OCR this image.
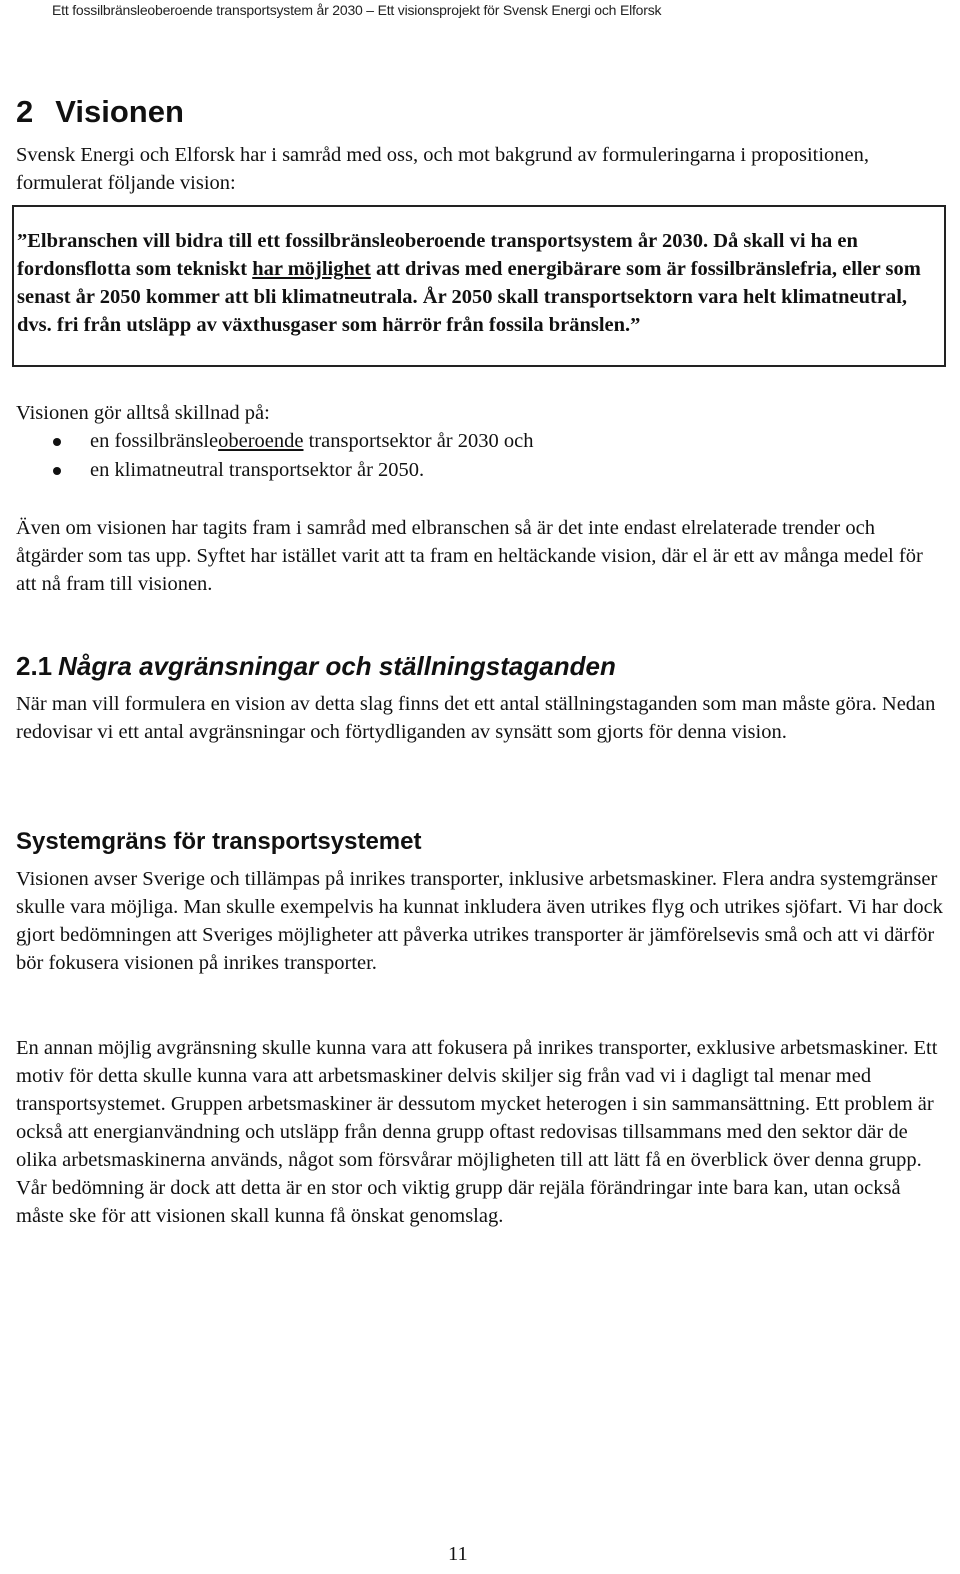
Ett fossilbränsleoberoende transportsystem år 2030 – Ett visionsprojekt för Svensk Energi och Elforsk
2 Visionen

Svensk Energi och Elforsk har i samråd med oss, och mot bakgrund av formuleringarna i propositionen, formulerat följande vision:

”Elbranschen vill bidra till ett fossilbränsleoberoende transportsystem år 2030. Då skall vi ha en fordonsflotta som tekniskt har möjlighet att drivas med energibärare som är fossilbränslefria, eller som senast år 2050 kommer att bli klimatneutrala. År 2050 skall transportsektorn vara helt klimatneutral, dvs. fri från utsläpp av växthusgaser som härrör från fossila bränslen.”

Visionen gör alltså skillnad på:

en fossilbränsleoberoende transportsektor år 2030 och
en klimatneutral transportsektor år 2050.

Även om visionen har tagits fram i samråd med elbranschen så är det inte endast elrelaterade trender och åtgärder som tas upp. Syftet har istället varit att ta fram en heltäckande vision, där el är ett av många medel för att nå fram till visionen.

2.1 Några avgränsningar och ställningstaganden

När man vill formulera en vision av detta slag finns det ett antal ställningstaganden som man måste göra. Nedan redovisar vi ett antal avgränsningar och förtydliganden av synsätt som gjorts för denna vision.

Systemgräns för transportsystemet

Visionen avser Sverige och tillämpas på inrikes transporter, inklusive arbetsmaskiner. Flera andra systemgränser skulle vara möjliga. Man skulle exempelvis ha kunnat inkludera även utrikes flyg och utrikes sjöfart. Vi har dock gjort bedömningen att Sveriges möjligheter att påverka utrikes transporter är jämförelsevis små och att vi därför bör fokusera visionen på inrikes transporter.

En annan möjlig avgränsning skulle kunna vara att fokusera på inrikes transporter, exklusive arbetsmaskiner. Ett motiv för detta skulle kunna vara att arbetsmaskiner delvis skiljer sig från vad vi i dagligt tal menar med transportsystemet. Gruppen arbetsmaskiner är dessutom mycket heterogen i sin sammansättning. Ett problem är också att energianvändning och utsläpp från denna grupp oftast redovisas tillsammans med den sektor där de olika arbetsmaskinerna används, något som försvårar möjligheten till att lätt få en överblick över denna grupp. Vår bedömning är dock att detta är en stor och viktig grupp där rejäla förändringar inte bara kan, utan också måste ske för att visionen skall kunna få önskat genomslag.

11
